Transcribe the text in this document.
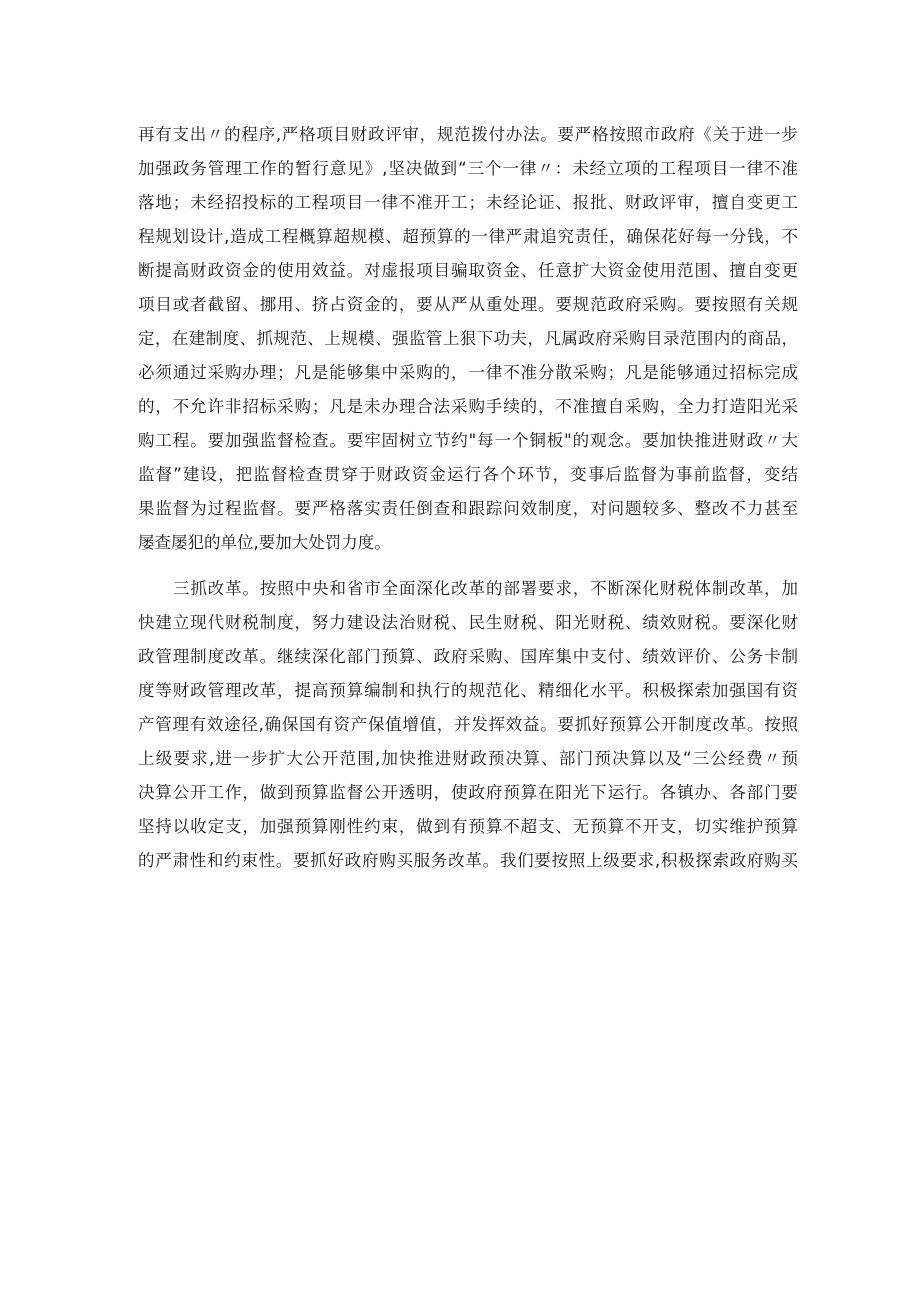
再有支出〃的程序,严格项目财政评审，规范拨付办法。要严格按照市政府《关于进一步
加强政务管理工作的暂行意见》,坚决做到“三个一律〃：未经立项的工程项目一律不准
落地；未经招投标的工程项目一律不准开工；未经论证、报批、财政评审，擅自变更工
程规划设计,造成工程概算超规模、超预算的一律严肃追究责任，确保花好每一分钱，不
断提高财政资金的使用效益。对虚报项目骗取资金、任意扩大资金使用范围、擅自变更
项目或者截留、挪用、挤占资金的，要从严从重处理。要规范政府采购。要按照有关规
定，在建制度、抓规范、上规模、强监管上狠下功夫，凡属政府采购目录范围内的商品，
必须通过采购办理；凡是能够集中采购的，一律不准分散采购；凡是能够通过招标完成
的，不允许非招标采购；凡是未办理合法采购手续的，不准擅自采购，全力打造阳光采
购工程。要加强监督检查。要牢固树立节约"每一个铜板"的观念。要加快推进财政〃大
监督”建设，把监督检查贯穿于财政资金运行各个环节，变事后监督为事前监督，变结
果监督为过程监督。要严格落实责任倒查和跟踪问效制度，对问题较多、整改不力甚至
屡查屡犯的单位,要加大处罚力度。
三抓改革。按照中央和省市全面深化改革的部署要求，不断深化财税体制改革，加
快建立现代财税制度，努力建设法治财税、民生财税、阳光财税、绩效财税。要深化财
政管理制度改革。继续深化部门预算、政府采购、国库集中支付、绩效评价、公务卡制
度等财政管理改革，提高预算编制和执行的规范化、精细化水平。积极探索加强国有资
产管理有效途径,确保国有资产保值增值，并发挥效益。要抓好预算公开制度改革。按照
上级要求,进一步扩大公开范围,加快推进财政预决算、部门预决算以及“三公经费〃预
决算公开工作，做到预算监督公开透明，使政府预算在阳光下运行。各镇办、各部门要
坚持以收定支，加强预算刚性约束，做到有预算不超支、无预算不开支，切实维护预算
的严肃性和约束性。要抓好政府购买服务改革。我们要按照上级要求,积极探索政府购买
